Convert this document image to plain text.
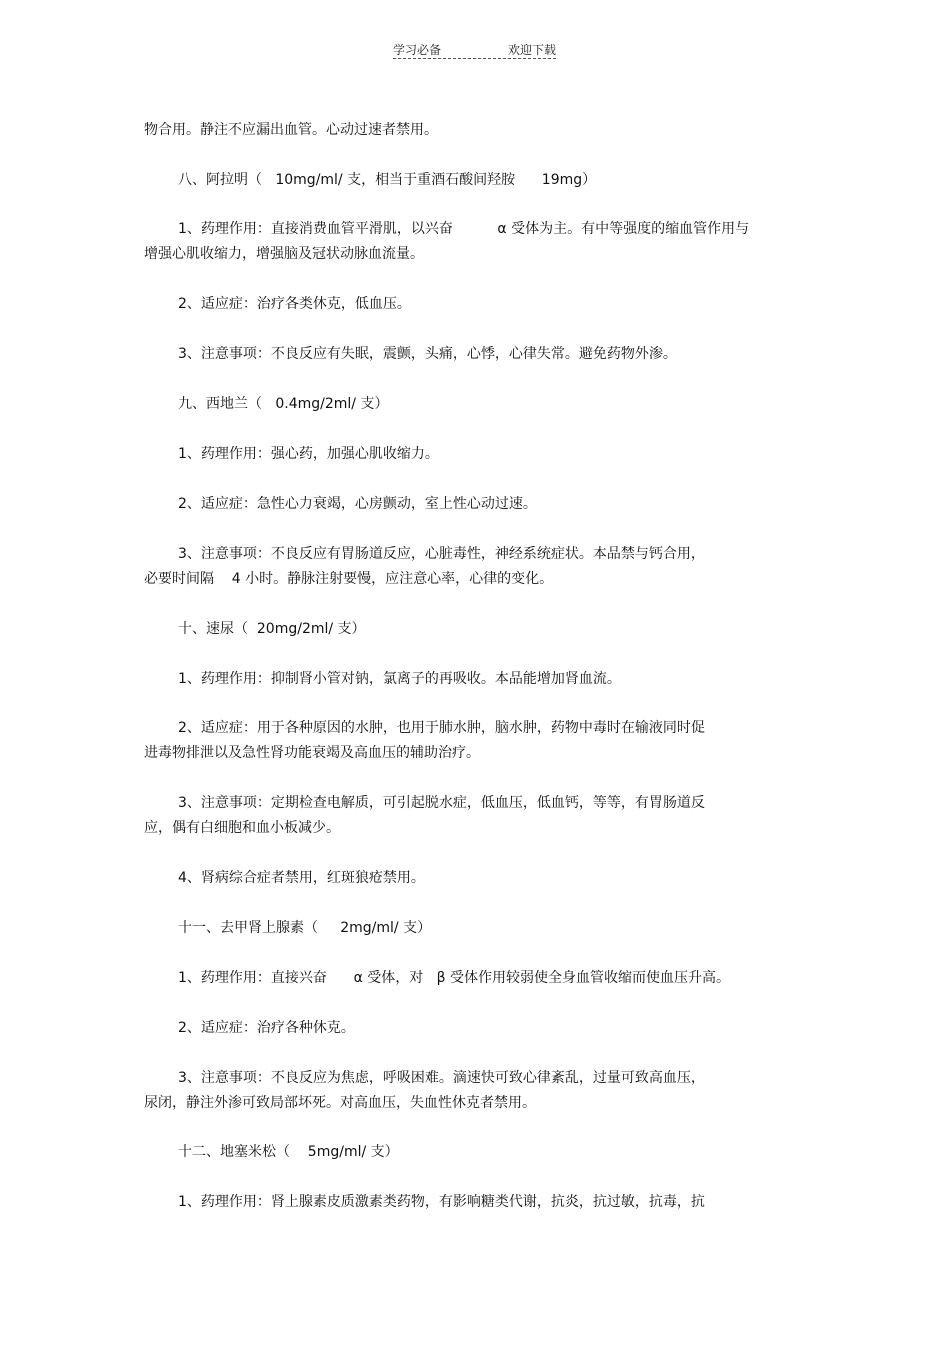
学习必备	欢迎下载
物合用。静注不应漏出血管。心动过速者禁用。
八、阿拉明（   10mg/ml/ 支，相当于重酒石酸间羟胺      19mg）
1、药理作用：直接消费血管平滑肌，以兴奋          α 受体为主。有中等强度的缩血管作用与
增强心肌收缩力，增强脑及冠状动脉血流量。
2、适应症：治疗各类休克，低血压。
3、注意事项：不良反应有失眠，震颤，头痛，心悸，心律失常。避免药物外渗。
九、西地兰（   0.4mg/2ml/ 支）
1、药理作用：强心药，加强心肌收缩力。
2、适应症：急性心力衰竭，心房颤动，室上性心动过速。
3、注意事项：不良反应有胃肠道反应，心脏毒性，神经系统症状。本品禁与钙合用，
必要时间隔    4 小时。静脉注射要慢，应注意心率，心律的变化。
十、速尿（  20mg/2ml/ 支）
1、药理作用：抑制肾小管对钠，氯离子的再吸收。本品能增加肾血流。
2、适应症：用于各种原因的水肿，也用于肺水肿，脑水肿，药物中毒时在输液同时促
进毒物排泄以及急性肾功能衰竭及高血压的辅助治疗。
3、注意事项：定期检查电解质，可引起脱水症，低血压，低血钙，等等，有胃肠道反
应，偶有白细胞和血小板减少。
4、肾病综合症者禁用，红斑狼疮禁用。
十一、去甲肾上腺素（     2mg/ml/ 支）
1、药理作用：直接兴奋      α 受体，对   β 受体作用较弱使全身血管收缩而使血压升高。
2、适应症：治疗各种休克。
3、注意事项：不良反应为焦虑，呼吸困难。滴速快可致心律紊乱，过量可致高血压，
尿闭，静注外渗可致局部坏死。对高血压，失血性休克者禁用。
十二、地塞米松（    5mg/ml/ 支）
1、药理作用：肾上腺素皮质激素类药物，有影响糖类代谢，抗炎，抗过敏，抗毒，抗
